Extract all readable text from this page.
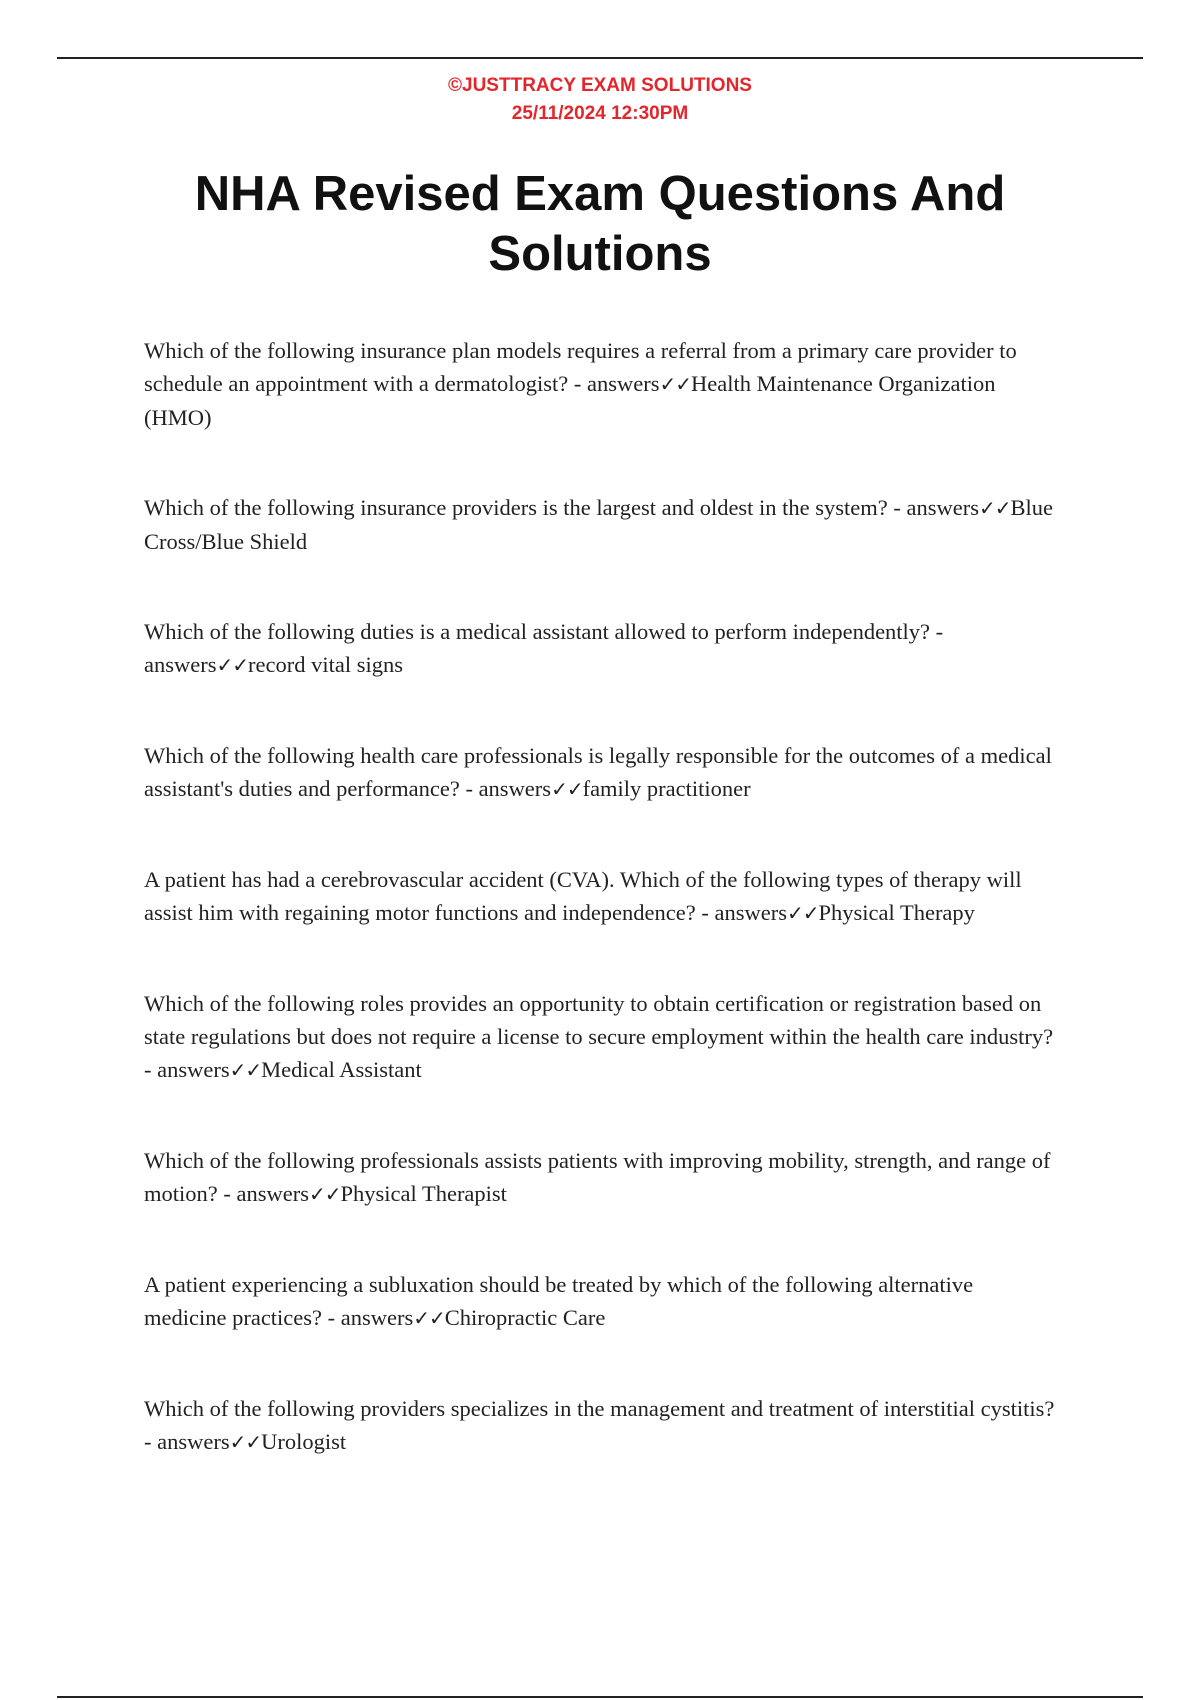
©JUSTTRACY EXAM SOLUTIONS
25/11/2024 12:30PM
NHA Revised Exam Questions And Solutions
Which of the following insurance plan models requires a referral from a primary care provider to schedule an appointment with a dermatologist? - answers✓✓Health Maintenance Organization (HMO)
Which of the following insurance providers is the largest and oldest in the system? - answers✓✓Blue Cross/Blue Shield
Which of the following duties is a medical assistant allowed to perform independently? - answers✓✓record vital signs
Which of the following health care professionals is legally responsible for the outcomes of a medical assistant's duties and performance? - answers✓✓family practitioner
A patient has had a cerebrovascular accident (CVA). Which of the following types of therapy will assist him with regaining motor functions and independence? - answers✓✓Physical Therapy
Which of the following roles provides an opportunity to obtain certification or registration based on state regulations but does not require a license to secure employment within the health care industry? - answers✓✓Medical Assistant
Which of the following professionals assists patients with improving mobility, strength, and range of motion? - answers✓✓Physical Therapist
A patient experiencing a subluxation should be treated by which of the following alternative medicine practices? - answers✓✓Chiropractic Care
Which of the following providers specializes in the management and treatment of interstitial cystitis? - answers✓✓Urologist
